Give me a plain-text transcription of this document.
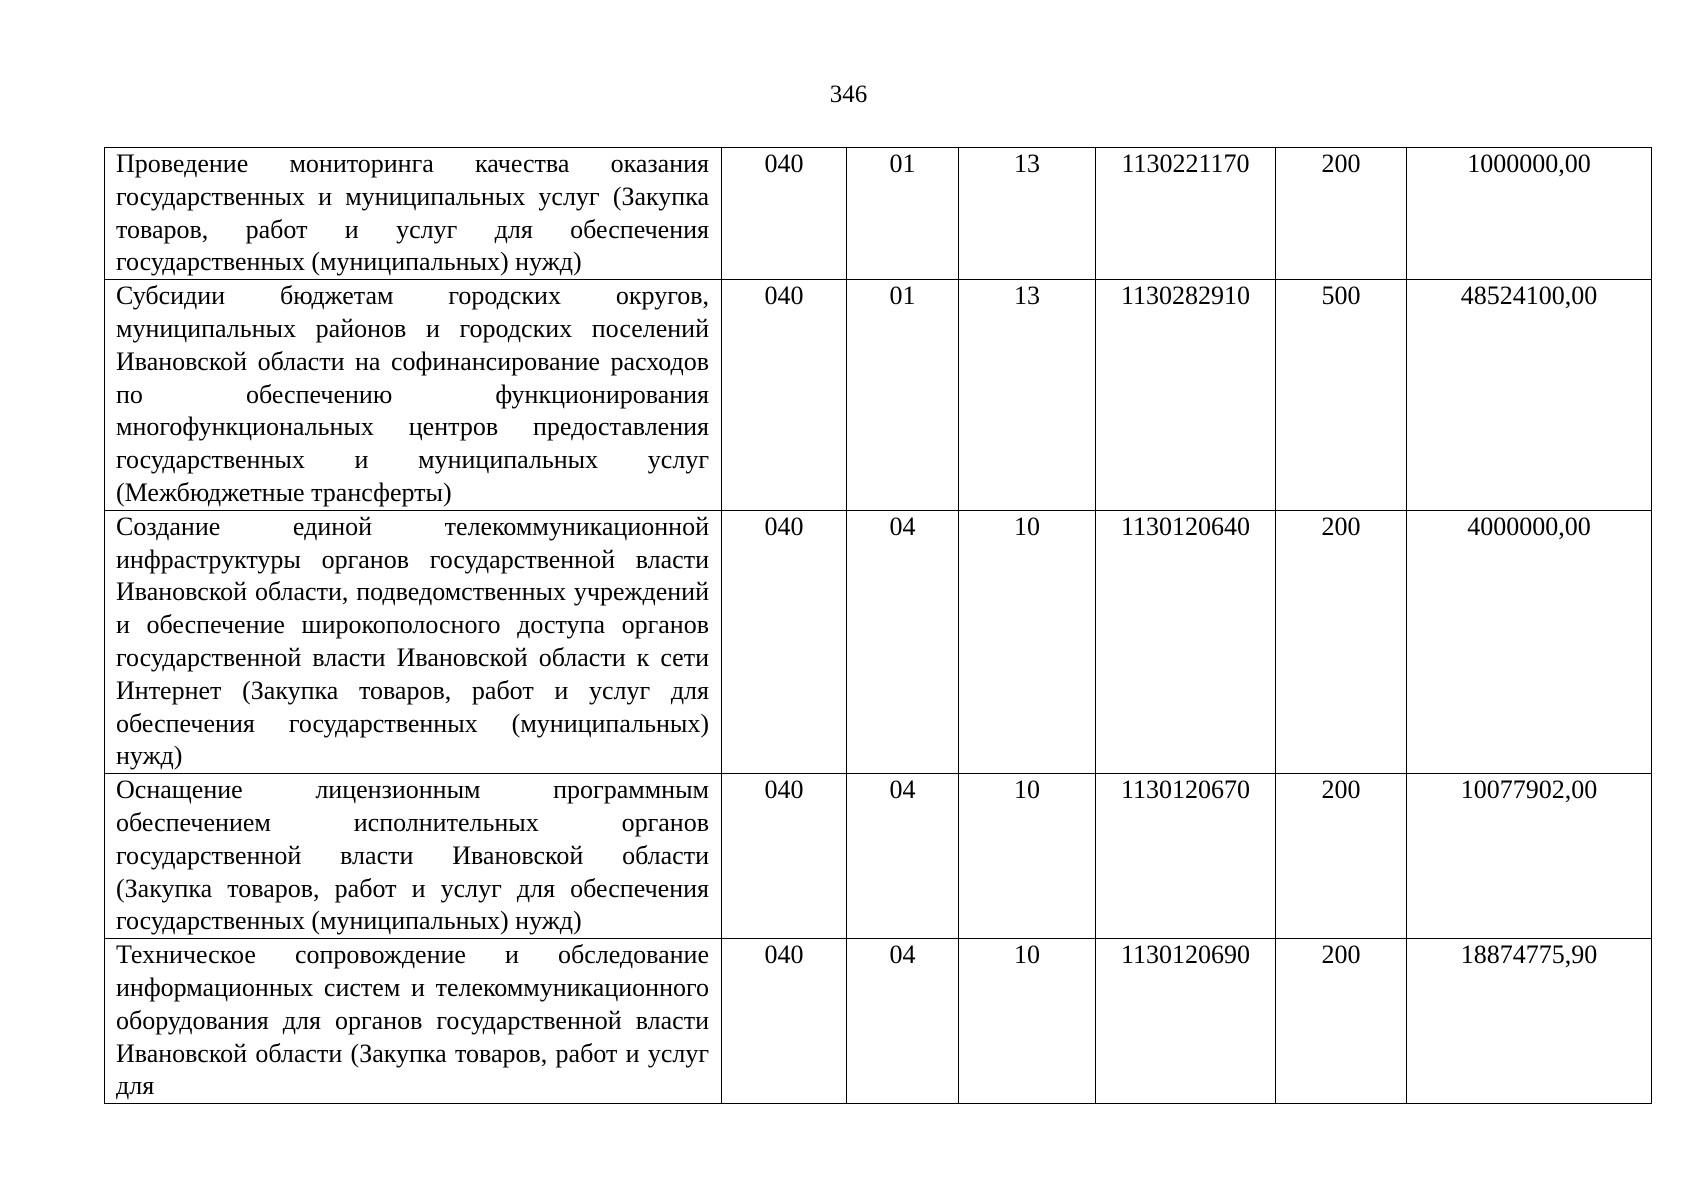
346
Проведение мониторинга качества оказания государственных и муниципальных услуг (Закупка товаров, работ и услуг для обеспечения государственных (муниципальных) нужд)	040	01	13	1130221170	200	1000000,00
Субсидии бюджетам городских округов, муниципальных районов и городских поселений Ивановской области на софинансирование расходов по обеспечению функционирования многофункциональных центров предоставления государственных и муниципальных услуг (Межбюджетные трансферты)	040	01	13	1130282910	500	48524100,00
Создание единой телекоммуникационной инфраструктуры органов государственной власти Ивановской области, подведомственных учреждений и обеспечение широкополосного доступа органов государственной власти Ивановской области к сети Интернет (Закупка товаров, работ и услуг для обеспечения государственных (муниципальных) нужд)	040	04	10	1130120640	200	4000000,00
Оснащение лицензионным программным обеспечением исполнительных органов государственной власти Ивановской области (Закупка товаров, работ и услуг для обеспечения государственных (муниципальных) нужд)	040	04	10	1130120670	200	10077902,00
Техническое сопровождение и обследование информационных систем и телекоммуникационного оборудования для органов государственной власти Ивановской области (Закупка товаров, работ и услуг для	040	04	10	1130120690	200	18874775,90
